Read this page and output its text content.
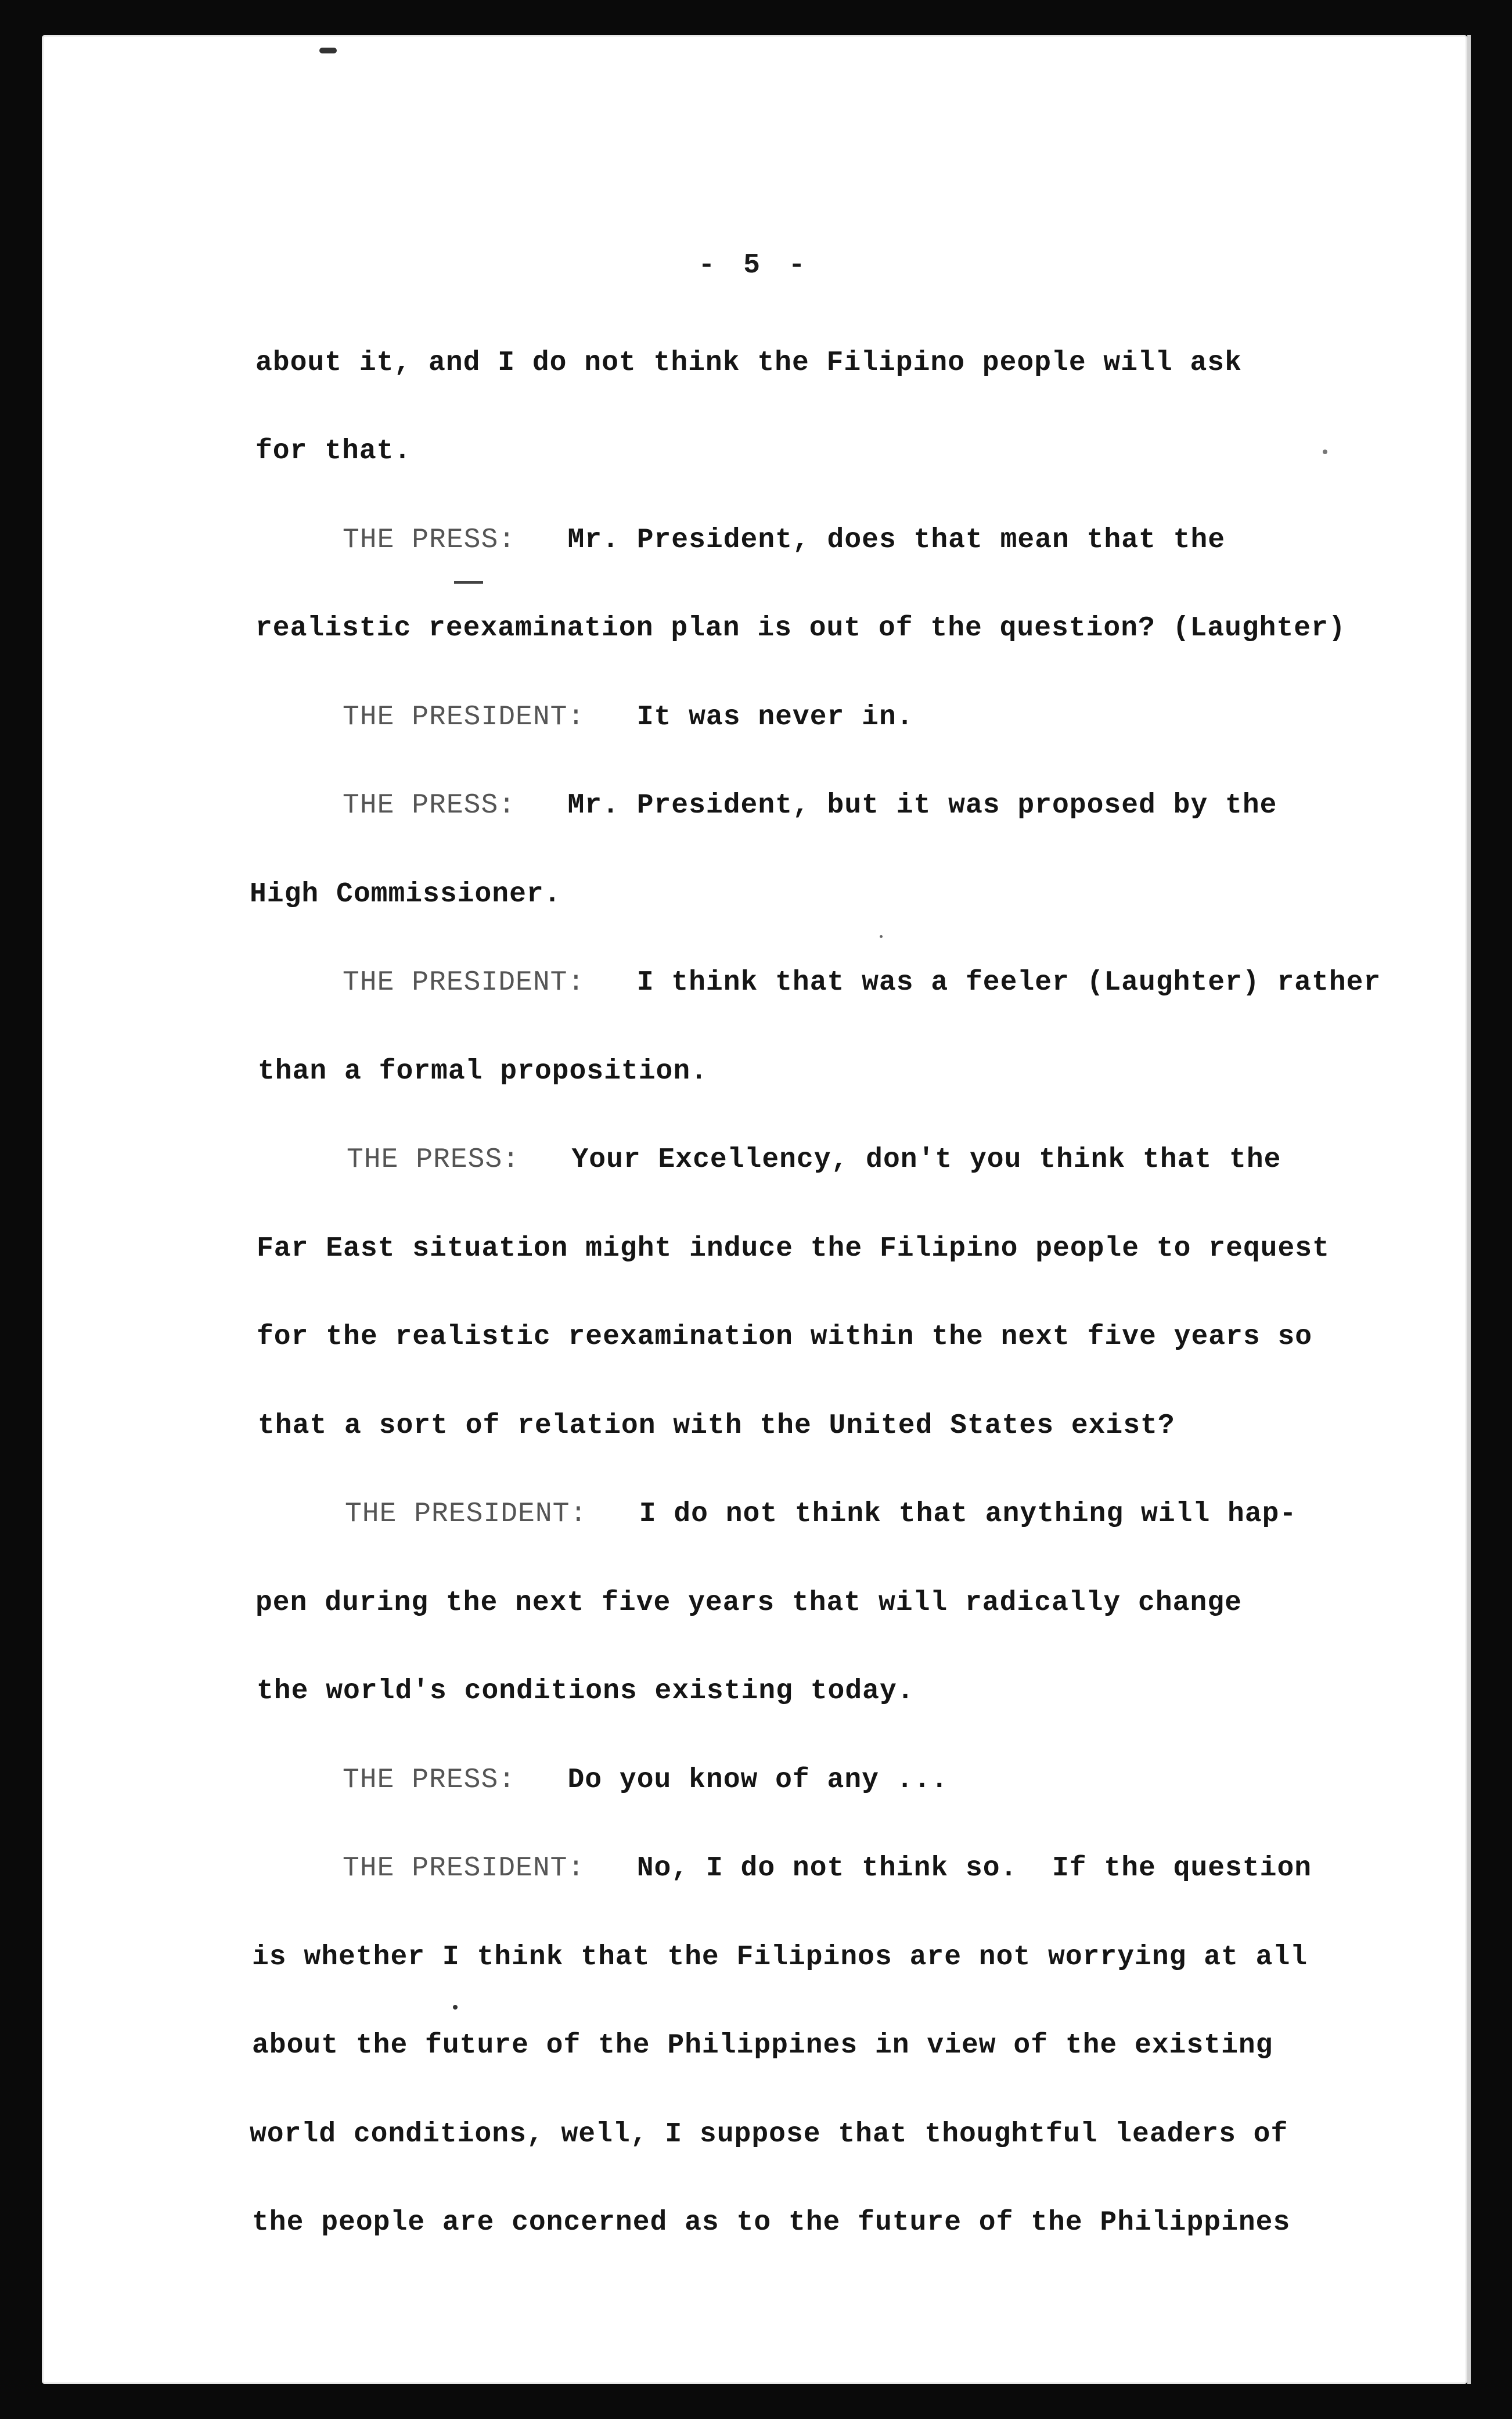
- 5 -
about it, and I do not think the Filipino people will ask
for that.
THE PRESS: Mr. President, does that mean that the
realistic reexamination plan is out of the question? (Laughter)
THE PRESIDENT: It was never in.
THE PRESS: Mr. President, but it was proposed by the
High Commissioner.
THE PRESIDENT: I think that was a feeler (Laughter) rather
than a formal proposition.
THE PRESS: Your Excellency, don't you think that the
Far East situation might induce the Filipino people to request
for the realistic reexamination within the next five years so
that a sort of relation with the United States exist?
THE PRESIDENT: I do not think that anything will hap-
pen during the next five years that will radically change
the world's conditions existing today.
THE PRESS: Do you know of any ...
THE PRESIDENT: No, I do not think so.  If the question
is whether I think that the Filipinos are not worrying at all
about the future of the Philippines in view of the existing
world conditions, well, I suppose that thoughtful leaders of
the people are concerned as to the future of the Philippines
